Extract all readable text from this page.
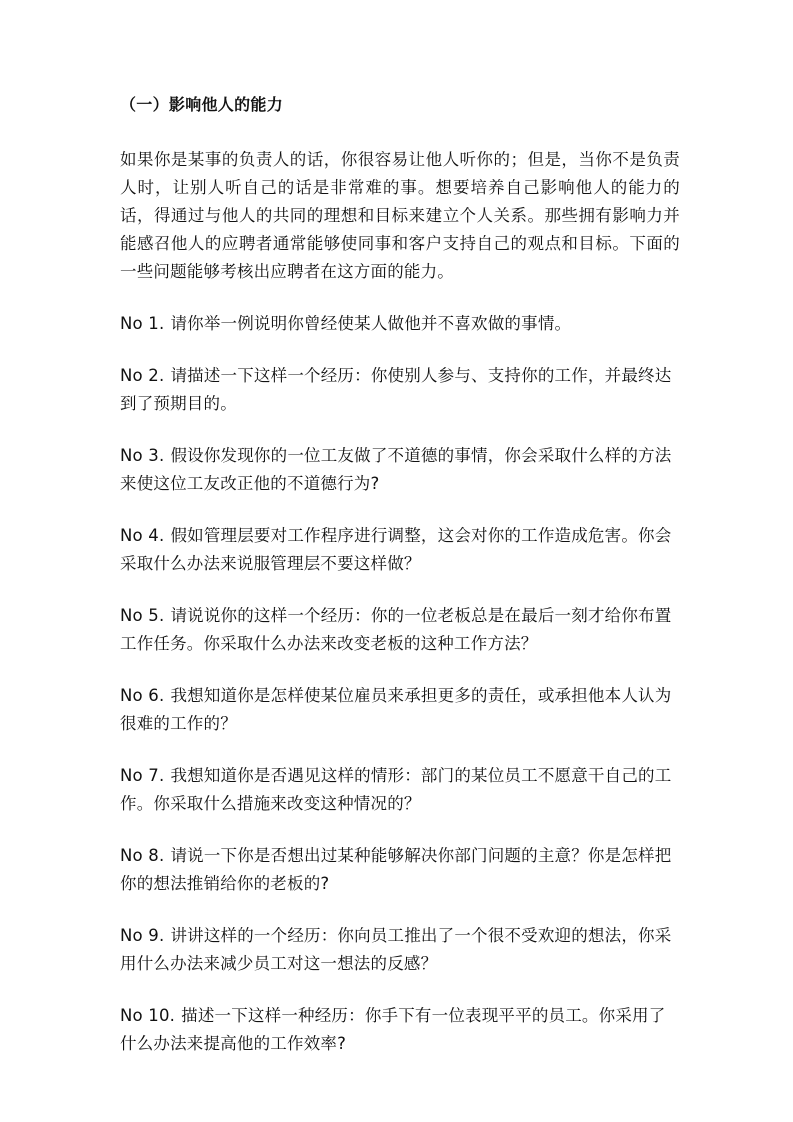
（一）影响他人的能力
如果你是某事的负责人的话，你很容易让他人听你的；但是，当你不是负责人时，让别人听自己的话是非常难的事。想要培养自己影响他人的能力的话，得通过与他人的共同的理想和目标来建立个人关系。那些拥有影响力并能感召他人的应聘者通常能够使同事和客户支持自己的观点和目标。下面的一些问题能够考核出应聘者在这方面的能力。
No 1. 请你举一例说明你曾经使某人做他并不喜欢做的事情。
No 2. 请描述一下这样一个经历：你使别人参与、支持你的工作，并最终达到了预期目的。
No 3. 假设你发现你的一位工友做了不道德的事情，你会采取什么样的方法来使这位工友改正他的不道德行为?
No 4. 假如管理层要对工作程序进行调整，这会对你的工作造成危害。你会采取什么办法来说服管理层不要这样做？
No 5. 请说说你的这样一个经历：你的一位老板总是在最后一刻才给你布置工作任务。你采取什么办法来改变老板的这种工作方法？
No 6. 我想知道你是怎样使某位雇员来承担更多的责任，或承担他本人认为很难的工作的？
No 7. 我想知道你是否遇见这样的情形：部门的某位员工不愿意干自己的工作。你采取什么措施来改变这种情况的？
No 8. 请说一下你是否想出过某种能够解决你部门问题的主意？你是怎样把你的想法推销给你的老板的?
No 9. 讲讲这样的一个经历：你向员工推出了一个很不受欢迎的想法，你采用什么办法来减少员工对这一想法的反感？
No 10. 描述一下这样一种经历：你手下有一位表现平平的员工。你采用了什么办法来提高他的工作效率?
